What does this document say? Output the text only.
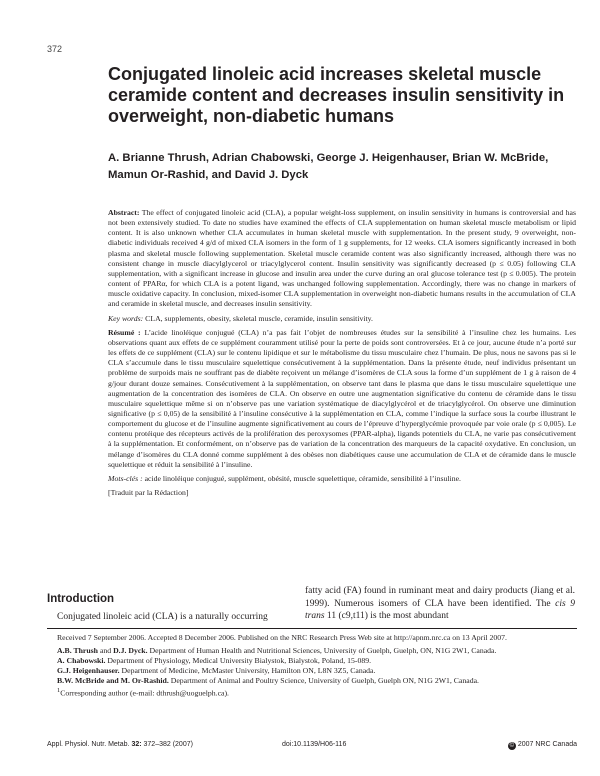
372
Conjugated linoleic acid increases skeletal muscle ceramide content and decreases insulin sensitivity in overweight, non-diabetic humans
A. Brianne Thrush, Adrian Chabowski, George J. Heigenhauser, Brian W. McBride, Mamun Or-Rashid, and David J. Dyck

Abstract: The effect of conjugated linoleic acid (CLA), a popular weight-loss supplement, on insulin sensitivity in humans is controversial and has not been extensively studied. To date no studies have examined the effects of CLA supplementation on human skeletal muscle metabolism or lipid content. It is also unknown whether CLA accumulates in human skeletal muscle with supplementation. In the present study, 9 overweight, non-diabetic individuals received 4 g/d of mixed CLA isomers in the form of 1 g supplements, for 12 weeks. CLA isomers significantly increased in both plasma and skeletal muscle following supplementation. Skeletal muscle ceramide content was also significantly increased, although there was no consistent change in muscle diacylglycerol or triacylglycerol content. Insulin sensitivity was significantly decreased (p ≤ 0.05) following CLA supplementation, with a significant increase in glucose and insulin area under the curve during an oral glucose tolerance test (p ≤ 0.005). The protein content of PPARα, for which CLA is a potent ligand, was unchanged following supplementation. Accordingly, there was no change in markers of muscle oxidative capacity. In conclusion, mixed-isomer CLA supplementation in overweight non-diabetic humans results in the accumulation of CLA and ceramide in skeletal muscle, and decreases insulin sensitivity.

Key words: CLA, supplements, obesity, skeletal muscle, ceramide, insulin sensitivity.

Résumé : L’acide linoléique conjugué (CLA) n’a pas fait l’objet de nombreuses études sur la sensibilité à l’insuline chez les humains. Les observations quant aux effets de ce supplément couramment utilisé pour la perte de poids sont controversées. Et à ce jour, aucune étude n’a porté sur les effets de ce supplément (CLA) sur le contenu lipidique et sur le métabolisme du tissu musculaire chez l’humain. De plus, nous ne savons pas si le CLA s’accumule dans le tissu musculaire squelettique consécutivement à la supplémentation. Dans la présente étude, neuf individus présentant un problème de surpoids mais ne souffrant pas de diabète reçoivent un mélange d’isomères de CLA sous la forme d’un supplément de 1 g à raison de 4 g/jour durant douze semaines. Consécutivement à la supplémentation, on observe tant dans le plasma que dans le tissu musculaire squelettique une augmentation de la concentration des isomères de CLA. On observe en outre une augmentation significative du contenu de céramide dans le tissu musculaire squelettique même si on n’observe pas une variation systématique de diacylglycérol et de triacylglycérol. On observe une diminution significative (p ≤ 0,05) de la sensibilité à l’insuline consécutive à la supplémentation en CLA, comme l’indique la surface sous la courbe illustrant le comportement du glucose et de l’insuline augmente significativement au cours de l’épreuve d’hyperglycémie provoquée par voie orale (p ≤ 0,005). Le contenu protéique des récepteurs activés de la prolifération des peroxysomes (PPAR-alpha), ligands potentiels du CLA, ne varie pas consécutivement à la supplémentation. Et conformément, on n’observe pas de variation de la concentration des marqueurs de la capacité oxydative. En conclusion, un mélange d’isomères du CLA donné comme supplément à des obèses non diabétiques cause une accumulation de CLA et de céramide dans le muscle squelettique et réduit la sensibilité à l’insuline.

Mots-clés : acide linoléique conjugué, supplément, obésité, muscle squelettique, céramide, sensibilité à l’insuline.

[Traduit par la Rédaction]

Introduction
Conjugated linoleic acid (CLA) is a naturally occurring
fatty acid (FA) found in ruminant meat and dairy products (Jiang et al. 1999). Numerous isomers of CLA have been identified. The cis 9 trans 11 (c9,t11) is the most abundant

Received 7 September 2006. Accepted 8 December 2006. Published on the NRC Research Press Web site at http://apnm.nrc.ca on 13 April 2007.

A.B. Thrush and D.J. Dyck. Department of Human Health and Nutritional Sciences, University of Guelph, Guelph, ON, N1G 2W1, Canada.

A. Chabowski. Department of Physiology, Medical University Bialystok, Bialystok, Poland, 15-089.

G.J. Heigenhauser. Department of Medicine, McMaster University, Hamilton ON, L8N 3Z5, Canada.

B.W. McBride and M. Or-Rashid. Department of Animal and Poultry Science, University of Guelph, Guelph ON, N1G 2W1, Canada.

$^1$Corresponding author (e-mail: dthrush@uoguelph.ca).

Appl. Physiol. Nutr. Metab. 32: 372–382 (2007)	doi:10.1139/H06-116	© 2007 NRC Canada
